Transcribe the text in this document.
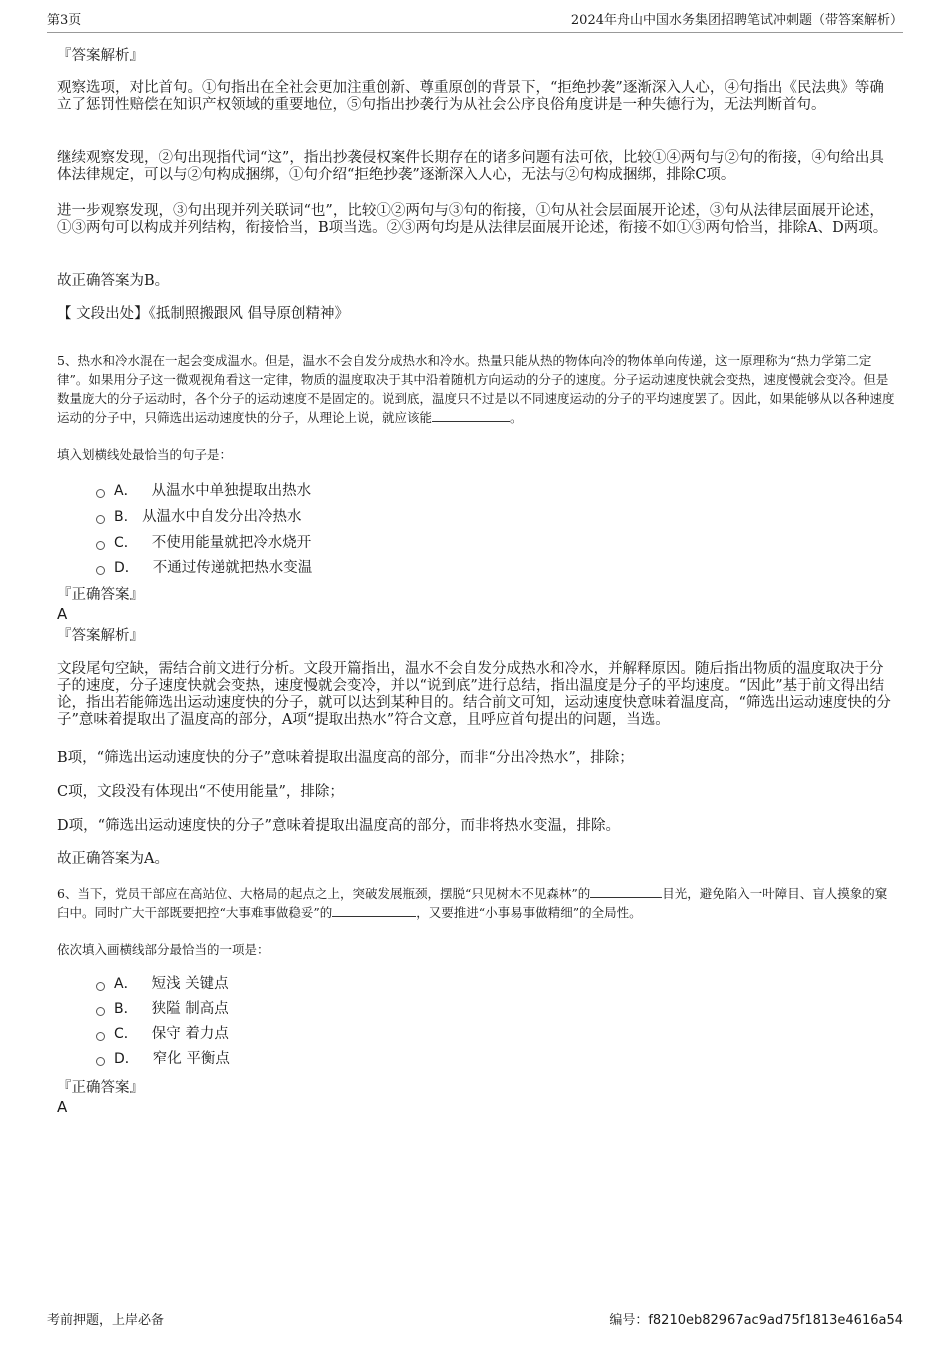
第3页	2024年舟山中国水务集团招聘笔试冲刺题（带答案解析）
『答案解析』

观察选项，对比首句。①句指出在全社会更加注重创新、尊重原创的背景下，“拒绝抄袭”逐渐深入人心，④句指出《民法典》等确立了惩罚性赔偿在知识产权领域的重要地位，⑤句指出抄袭行为从社会公序良俗角度讲是一种失德行为，无法判断首句。

继续观察发现，②句出现指代词“这”，指出抄袭侵权案件长期存在的诸多问题有法可依，比较①④两句与②句的衔接，④句给出具体法律规定，可以与②句构成捆绑，①句介绍“拒绝抄袭”逐渐深入人心，无法与②句构成捆绑，排除C项。

进一步观察发现，③句出现并列关联词“也”，比较①②两句与③句的衔接，①句从社会层面展开论述，③句从法律层面展开论述，①③两句可以构成并列结构，衔接恰当，B项当选。②③两句均是从法律层面展开论述，衔接不如①③两句恰当，排除A、D两项。

故正确答案为B。
【 文段出处】《抵制照搬跟风 倡导原创精神》

5、热水和冷水混在一起会变成温水。但是，温水不会自发分成热水和冷水。热量只能从热的物体向冷的物体单向传递，这一原理称为“热力学第二定律”。如果用分子这一微观视角看这一定律，物质的温度取决于其中沿着随机方向运动的分子的速度。分子运动速度快就会变热，速度慢就会变冷。但是数量庞大的分子运动时，各个分子的运动速度不是固定的。说到底，温度只不过是以不同速度运动的分子的平均速度罢了。因此，如果能够从以各种速度运动的分子中，只筛选出运动速度快的分子，从理论上说，就应该能	。

填入划横线处最恰当的句子是：
A． 从温水中单独提取出热水
B. 从温水中自发分出冷热水
C． 不使用能量就把冷水烧开
D． 不通过传递就把热水变温
『正确答案』
A
『答案解析』

文段尾句空缺，需结合前文进行分析。文段开篇指出，温水不会自发分成热水和冷水，并解释原因。随后指出物质的温度取决于分子的速度，分子速度快就会变热，速度慢就会变冷，并以“说到底”进行总结，指出温度是分子的平均速度。“因此”基于前文得出结论，指出若能筛选出运动速度快的分子，就可以达到某种目的。结合前文可知，运动速度快意味着温度高，“筛选出运动速度快的分子”意味着提取出了温度高的部分，A项“提取出热水”符合文意，且呼应首句提出的问题，当选。

B项，“筛选出运动速度快的分子”意味着提取出温度高的部分，而非“分出冷热水”，排除；
C项，文段没有体现出“不使用能量”，排除；
D项，“筛选出运动速度快的分子”意味着提取出温度高的部分，而非将热水变温，排除。
故正确答案为A。

6、当下，党员干部应在高站位、大格局的起点之上，突破发展瓶颈，摆脱“只见树木不见森林”的	目光，避免陷入一叶障目、盲人摸象的窠臼中。同时广大干部既要把控“大事难事做稳妥”的	，又要推进“小事易事做精细”的全局性。

依次填入画横线部分最恰当的一项是：
A． 短浅 关键点
B． 狭隘 制高点
C． 保守 着力点
D． 窄化 平衡点
『正确答案』
A
考前押题，上岸必备	编号：f8210eb82967ac9ad75f1813e4616a54
